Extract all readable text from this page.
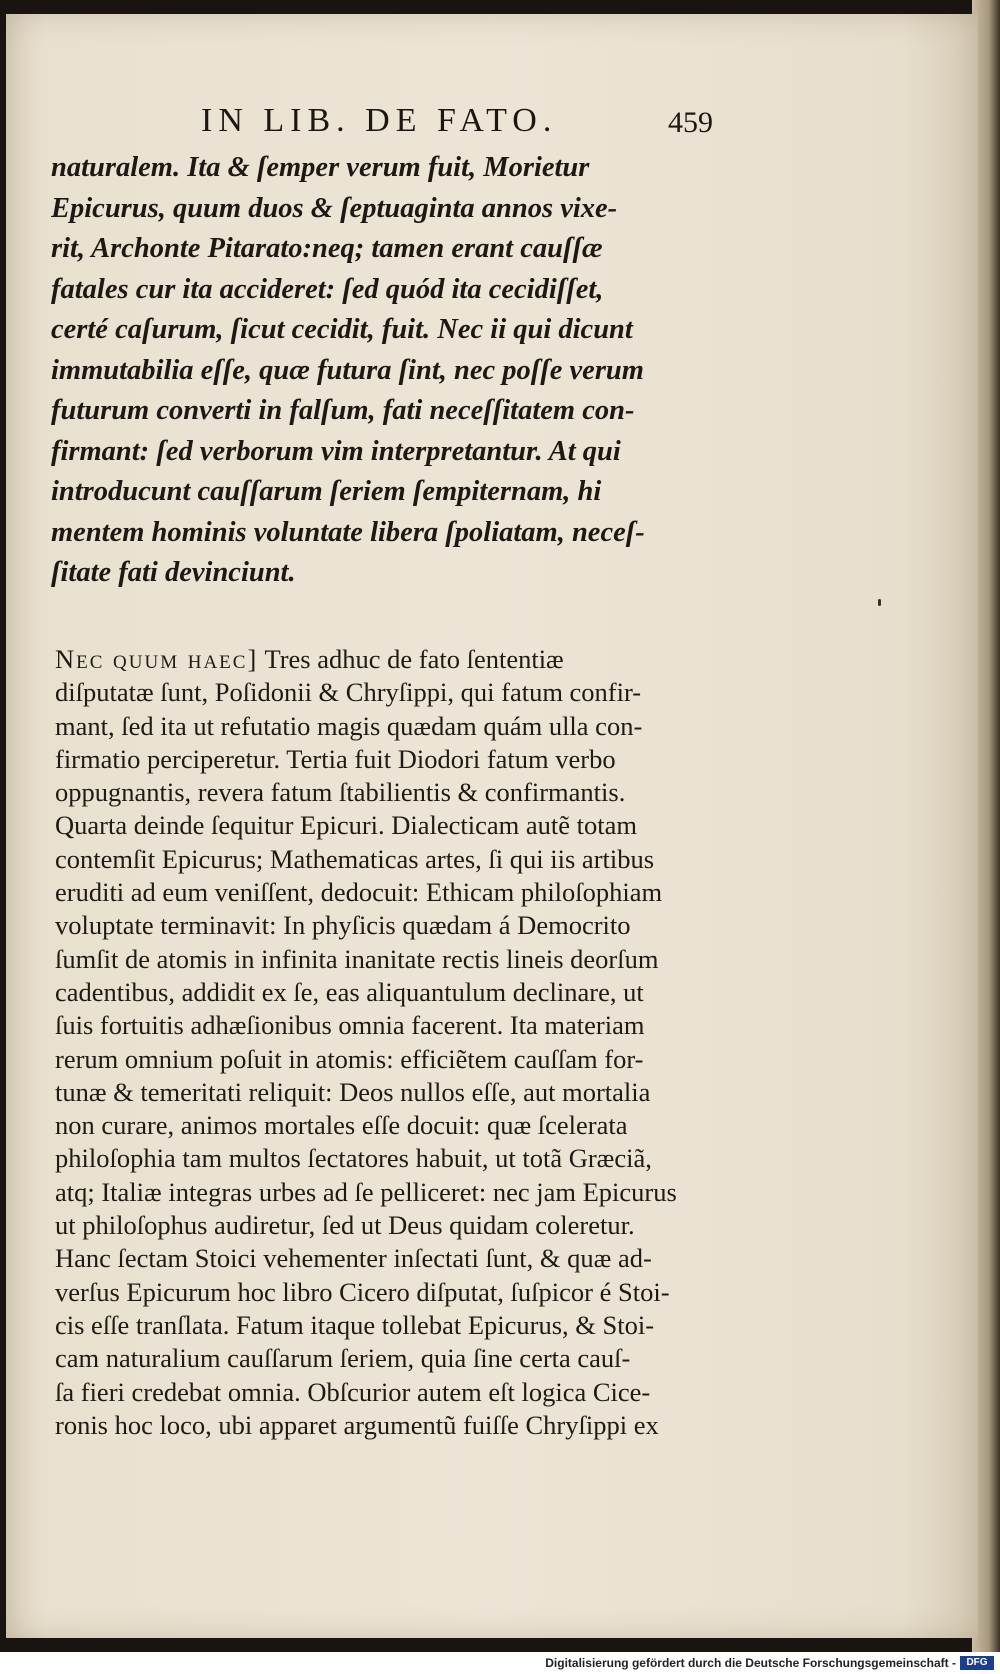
IN LIB. DE FATO.	459
naturalem. Ita & ſemper verum fuit, Morietur
Epicurus, quum duos & ſeptuaginta annos vixe-
rit, Archonte Pitarato:neq; tamen erant cauſſæ
fatales cur ita accideret: ſed quód ita cecidiſſet,
certé caſurum, ſicut cecidit, fuit. Nec ii qui dicunt
immutabilia eſſe, quæ futura ſint, nec poſſe verum
futurum converti in falſum, fati neceſſitatem con-
firmant: ſed verborum vim interpretantur. At qui
introducunt cauſſarum ſeriem ſempiternam, hi
mentem hominis voluntate libera ſpoliatam, neceſ-
ſitate fati devinciunt.
Nec quum haec] Tres adhuc de fato ſententiæ
diſputatæ ſunt, Poſidonii & Chryſippi, qui fatum confir-
mant, ſed ita ut refutatio magis quædam quám ulla con-
firmatio perciperetur. Tertia fuit Diodori fatum verbo
oppugnantis, revera fatum ſtabilientis & confirmantis.
Quarta deinde ſequitur Epicuri. Dialecticam autẽ totam
contemſit Epicurus; Mathematicas artes, ſi qui iis artibus
eruditi ad eum veniſſent, dedocuit: Ethicam philoſophiam
voluptate terminavit: In phyſicis quædam á Democrito
ſumſit de atomis in infinita inanitate rectis lineis deorſum
cadentibus, addidit ex ſe, eas aliquantulum declinare, ut
ſuis fortuitis adhæſionibus omnia facerent. Ita materiam
rerum omnium poſuit in atomis: efficiẽtem cauſſam for-
tunæ & temeritati reliquit: Deos nullos eſſe, aut mortalia
non curare, animos mortales eſſe docuit: quæ ſcelerata
philoſophia tam multos ſectatores habuit, ut totã Græciã,
atq; Italiæ integras urbes ad ſe pelliceret: nec jam Epicurus
ut philoſophus audiretur, ſed ut Deus quidam coleretur.
Hanc ſectam Stoici vehementer inſectati ſunt, & quæ ad-
verſus Epicurum hoc libro Cicero diſputat, ſuſpicor é Stoi-
cis eſſe tranſlata. Fatum itaque tollebat Epicurus, & Stoi-
cam naturalium cauſſarum ſeriem, quia ſine certa cauſ-
ſa fieri credebat omnia. Obſcurior autem eſt logica Cice-
ronis hoc loco, ubi apparet argumentũ fuiſſe Chryſippi ex
Digitalisierung gefördert durch die Deutsche Forschungsgemeinschaft -	DFG
